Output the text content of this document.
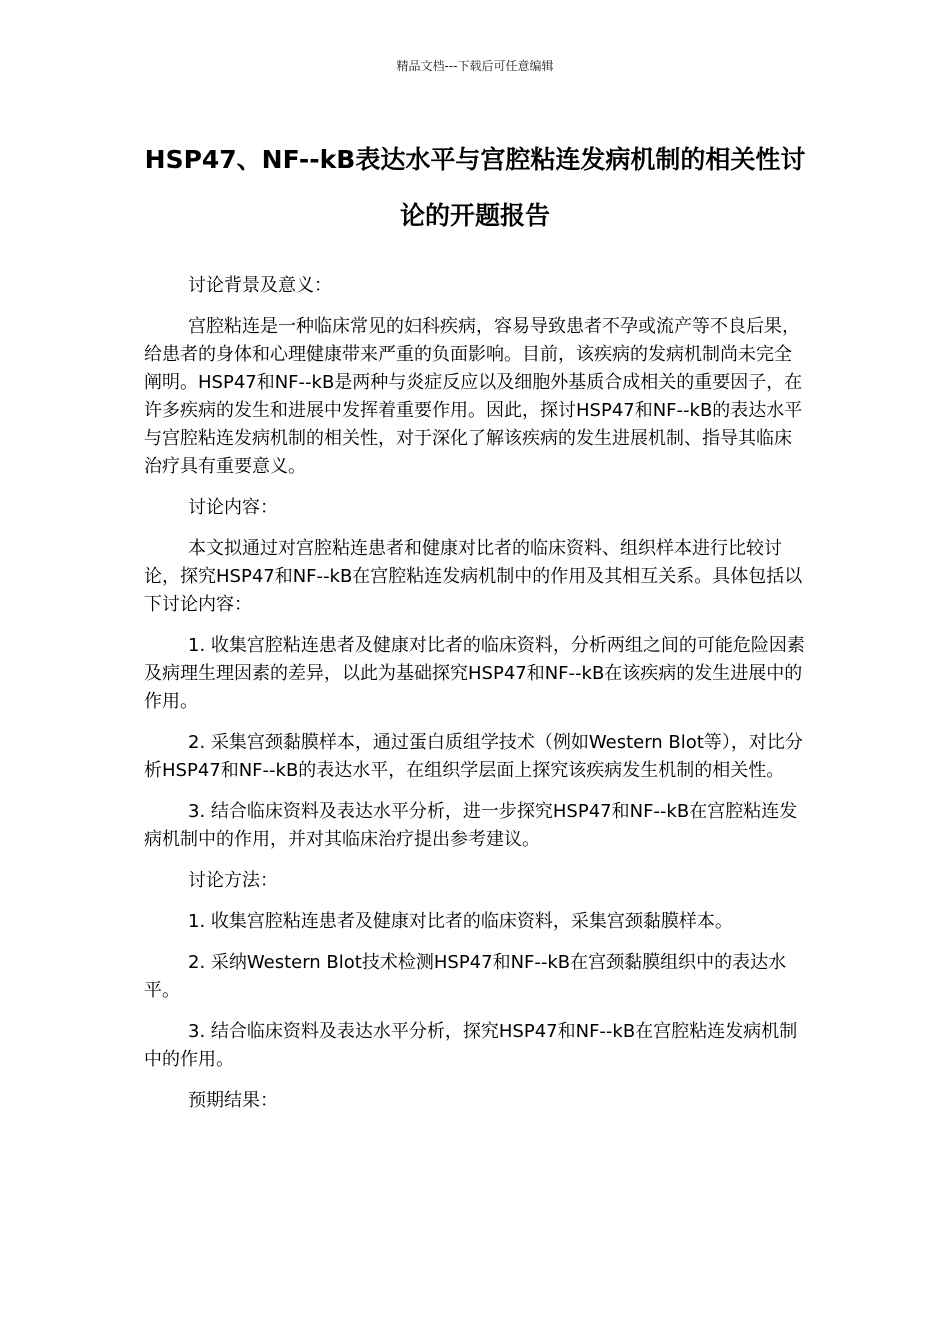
精品文档---下载后可任意编辑
HSP47、NF--kB表达水平与宫腔粘连发病机制的相关性讨论的开题报告

讨论背景及意义：

宫腔粘连是一种临床常见的妇科疾病，容易导致患者不孕或流产等不良后果，给患者的身体和心理健康带来严重的负面影响。目前，该疾病的发病机制尚未完全阐明。HSP47和NF--kB是两种与炎症反应以及细胞外基质合成相关的重要因子，在许多疾病的发生和进展中发挥着重要作用。因此，探讨HSP47和NF--kB的表达水平与宫腔粘连发病机制的相关性，对于深化了解该疾病的发生进展机制、指导其临床治疗具有重要意义。

讨论内容：

本文拟通过对宫腔粘连患者和健康对比者的临床资料、组织样本进行比较讨论，探究HSP47和NF--kB在宫腔粘连发病机制中的作用及其相互关系。具体包括以下讨论内容：

1. 收集宫腔粘连患者及健康对比者的临床资料，分析两组之间的可能危险因素及病理生理因素的差异，以此为基础探究HSP47和NF--kB在该疾病的发生进展中的作用。

2. 采集宫颈黏膜样本，通过蛋白质组学技术（例如Western Blot等），对比分析HSP47和NF--kB的表达水平，在组织学层面上探究该疾病发生机制的相关性。

3. 结合临床资料及表达水平分析，进一步探究HSP47和NF--kB在宫腔粘连发病机制中的作用，并对其临床治疗提出参考建议。

讨论方法：

1. 收集宫腔粘连患者及健康对比者的临床资料，采集宫颈黏膜样本。

2. 采纳Western Blot技术检测HSP47和NF--kB在宫颈黏膜组织中的表达水平。

3. 结合临床资料及表达水平分析，探究HSP47和NF--kB在宫腔粘连发病机制中的作用。

预期结果：
